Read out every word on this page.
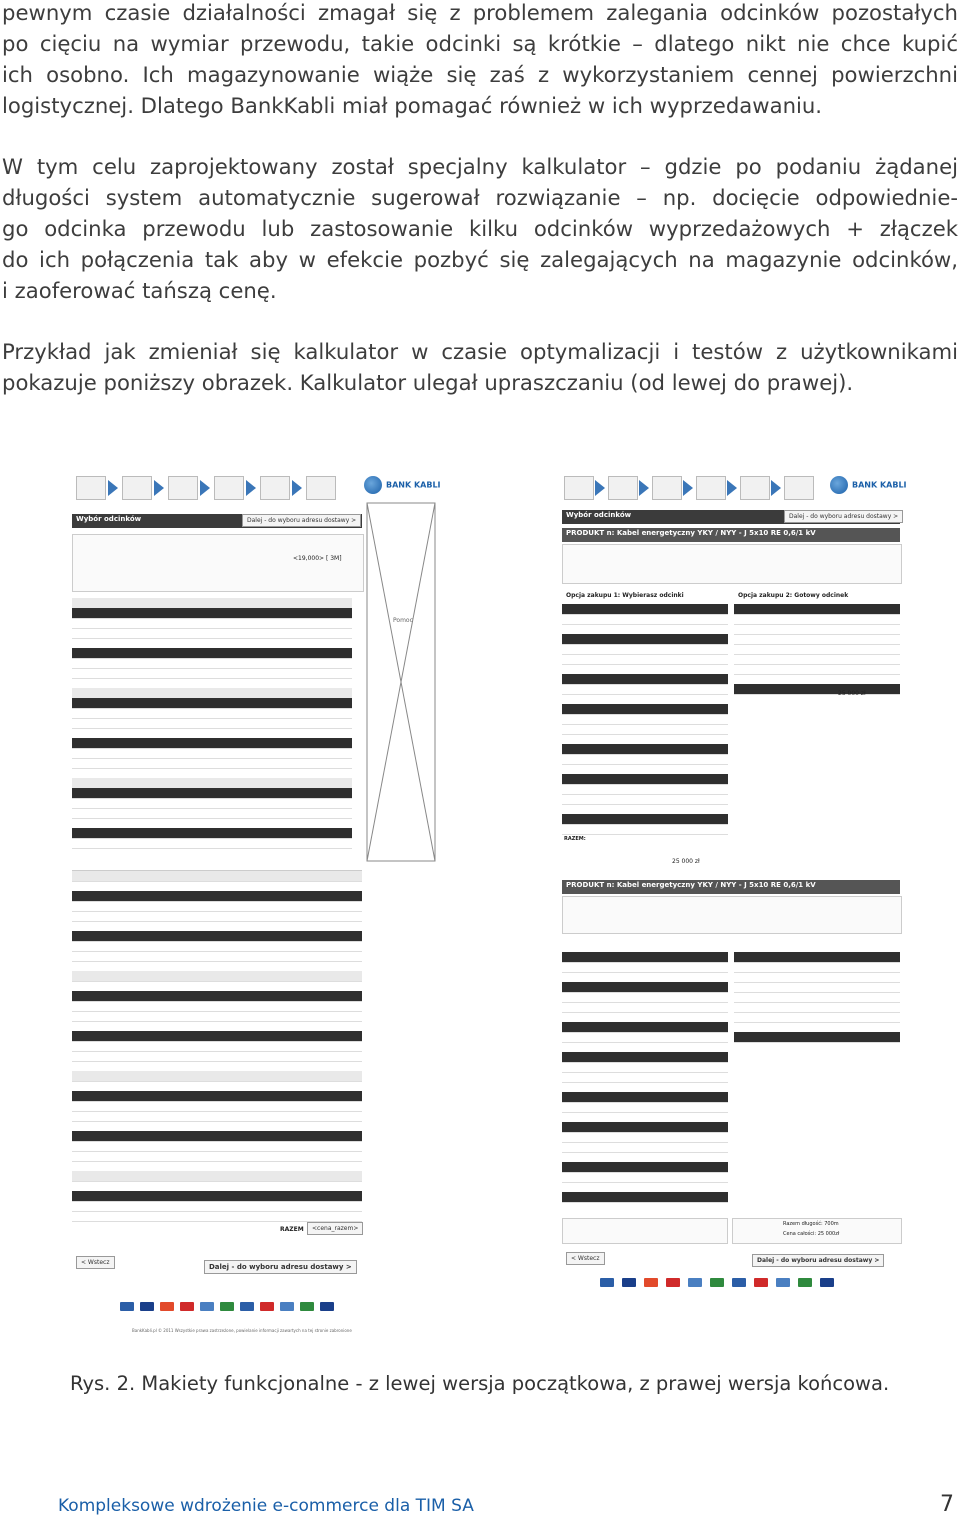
pewnym czasie działalności zmagał się z problemem zalegania odcinków pozostałych
po cięciu na wymiar przewodu, takie odcinki są krótkie – dlatego nikt nie chce kupić
ich osobno. Ich magazynowanie wiąże się zaś z wykorzystaniem cennej powierzchni
logistycznej. Dlatego BankKabli miał pomagać również w ich wyprzedawaniu.
W tym celu zaprojektowany został specjalny kalkulator – gdzie po podaniu żądanej
długości system automatycznie sugerował rozwiązanie – np. docięcie odpowiednie-
go odcinka przewodu lub zastosowanie kilku odcinków wyprzedażowych + złączek
do ich połączenia tak aby w efekcie pozbyć się zalegających na magazynie odcinków,
i zaoferować tańszą cenę.
Przykład jak zmieniał się kalkulator w czasie optymalizacji i testów z użytkownikami
pokazuje poniższy obrazek. Kalkulator ulegał upraszczaniu (od lewej do prawej).
BANK KABLI
Wybór odcinków	Dalej - do wyboru adresu dostawy >
<19,000> [ 3M]
RAZEM	<cena_razem>
< Wstecz
Dalej - do wyboru adresu dostawy >
BankKabli.pl © 2011 Wszystkie prawa zastrzeżone, powielanie informacji zawartych na tej stronie zabronione
Pomoc
BANK KABLI
Wybór odcinków	Dalej - do wyboru adresu dostawy >
PRODUKT n: Kabel energetyczny YKY / NYY - J 5x10 RE 0,6/1 kV
Opcja zakupu 1: Wybierasz odcinki	Opcja zakupu 2: Gotowy odcinek
25 000 zł
RAZEM:
25 000 zł
PRODUKT n: Kabel energetyczny YKY / NYY - J 5x10 RE 0,6/1 kV
Razem długość: 700m
Cena całości: 25 000zł
< Wstecz	Dalej - do wyboru adresu dostawy >
Rys. 2. Makiety funkcjonalne - z lewej wersja początkowa, z prawej wersja końcowa.
Kompleksowe wdrożenie e-commerce dla TIM SA	7
